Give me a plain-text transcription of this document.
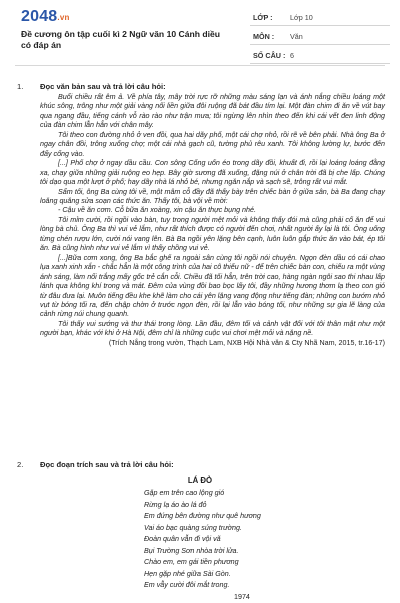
2048.vn
Đề cương ôn tập cuối kì 2 Ngữ văn 10 Cánh diều có đáp án
LỚP : Lớp 10
MÔN : Văn
SỐ CÂU : 6
1. Đọc văn bản sau và trả lời câu hỏi:

Buổi chiều rất êm ả. Về phía tây, mây trời rực rỡ những màu sáng lạn và ánh nắng chiều loáng một khúc sông, trông như một giải vàng nối liền giữa đôi ruộng đã bát đầu tím lại. Một đàn chim đi ăn về vút bay qua ngang đầu, tiếng cánh vỗ rào rào như trận mưa; tôi ngừng lên nhìn theo đến khi cái vết đen linh động của đàn chim lẫn hẳn với chân mây.

Tôi theo con đường nhỏ ở ven đồi, qua hai dãy phố, một cái chợ nhỏ, rồi rẽ về bên phải. Nhà ông Ba ở ngay chân đồi, trông xuống chợ; một cái nhà gạch cũ, tường phủ rêu xanh. Tôi không lường lự, bước đến đẩy cổng vào.

[...] Phố chợ ở ngay dầu cầu. Con sông Cống uốn éo trong dãy đồi, khuất đi, rồi lại loáng loáng đằng xa, chạy giữa những giải ruộng eo hẹp. Bây giờ sương đã xuống, đặng núi ở chân trời đã bị che lấp. Chúng tôi dạo qua một lượt ở phố; hay dãy nhà lá nhỏ bé, nhưng ngăn nắp và sạch sẽ, trông rất vui mắt.

Sẩm tối, ông Ba cùng tôi về, một mâm cỗ đầy đã thấy bày trên chiếc bàn ở giữa sân, bà Ba đang chạy loăng quăng sửa soạn các thức ăn. Thấy tôi, bà vội về mời:

- Cậu về ăn cơm. Cỗ bữa ăn xoàng, xin cậu ăn thực bụng nhé.

Tôi mỉm cười, rồi ngồi vào bàn, tuy trong người mệt mỏi và không thấy đói mà cũng phải cố ăn để vui lòng bà chủ. Ông Ba thì vui vẻ lắm, như rất thích được có người đến chơi, nhất người ấy lại là tôi. Ông uống từng chén rượu lớn, cười nói vang lên. Bà Ba ngồi yên lặng bên cạnh, luôn luôn gắp thức ăn vào bát, ép tôi ăn. Bà cũng hình như vui vẻ lắm vì thấy chồng vui vẻ.

[...]Bữa cơm xong, ông Ba bắc ghế ra ngoài sân cùng tôi ngồi nói chuyện. Ngọn đèn dầu có cái chao lụa xanh xinh xắn - chắc hẳn là một công trình của hai cô thiếu nữ - để trên chiếc bàn con, chiếu ra một vùng ánh sáng, làm nổi trắng mấy gốc trẻ cắn cỗi. Chiều đã tối hẳn, trên trời cao, hàng ngàn ngôi sao thi nhau lấp lánh qua không khí trong và mát. Đêm của vùng đồi bao bọc lấy tôi, đầy những hương thơm lạ theo con gió từ đâu đưa lại. Muôn tiếng đều khe khẽ làm cho cái yên lặng vang động như tiếng đàn; những con bướm nhỏ vụt từ bóng tối ra, đến chập chờn ở trước ngọn đèn, rồi lại lẫn vào bóng tối, như những sự gia lẽ làng của cảnh rừng núi chung quanh.

Tôi thấy vui sướng và thư thái trong lòng. Lần đầu, đêm tối và cảnh vật đối với tôi thân mật như một người bạn, khác với khi ở Hà Nội, đêm chỉ là những cuộc vui chơi mệt mỏi và nặng nề.

(Trích Nắng trong vườn, Thạch Lam, NXB Hội Nhà văn & Cty Nhã Nam, 2015, tr.16-17)

2. Đọc đoạn trích sau và trả lời câu hỏi:
LÁ ĐỎ
Gặp em trên cao lộng gió
Rừng lạ áo ào lá đỏ
Em đứng bên đường như quê hương
Vai áo bạc quàng súng trường.
Đoàn quân vẫn đi vội vã
Bụi Trường Sơn nhòa trời lửa.
Chào em, em gái tiền phương
Hẹn gặp nhé giữa Sài Gòn.
Em vẫy cười đôi mắt trong.
1974
